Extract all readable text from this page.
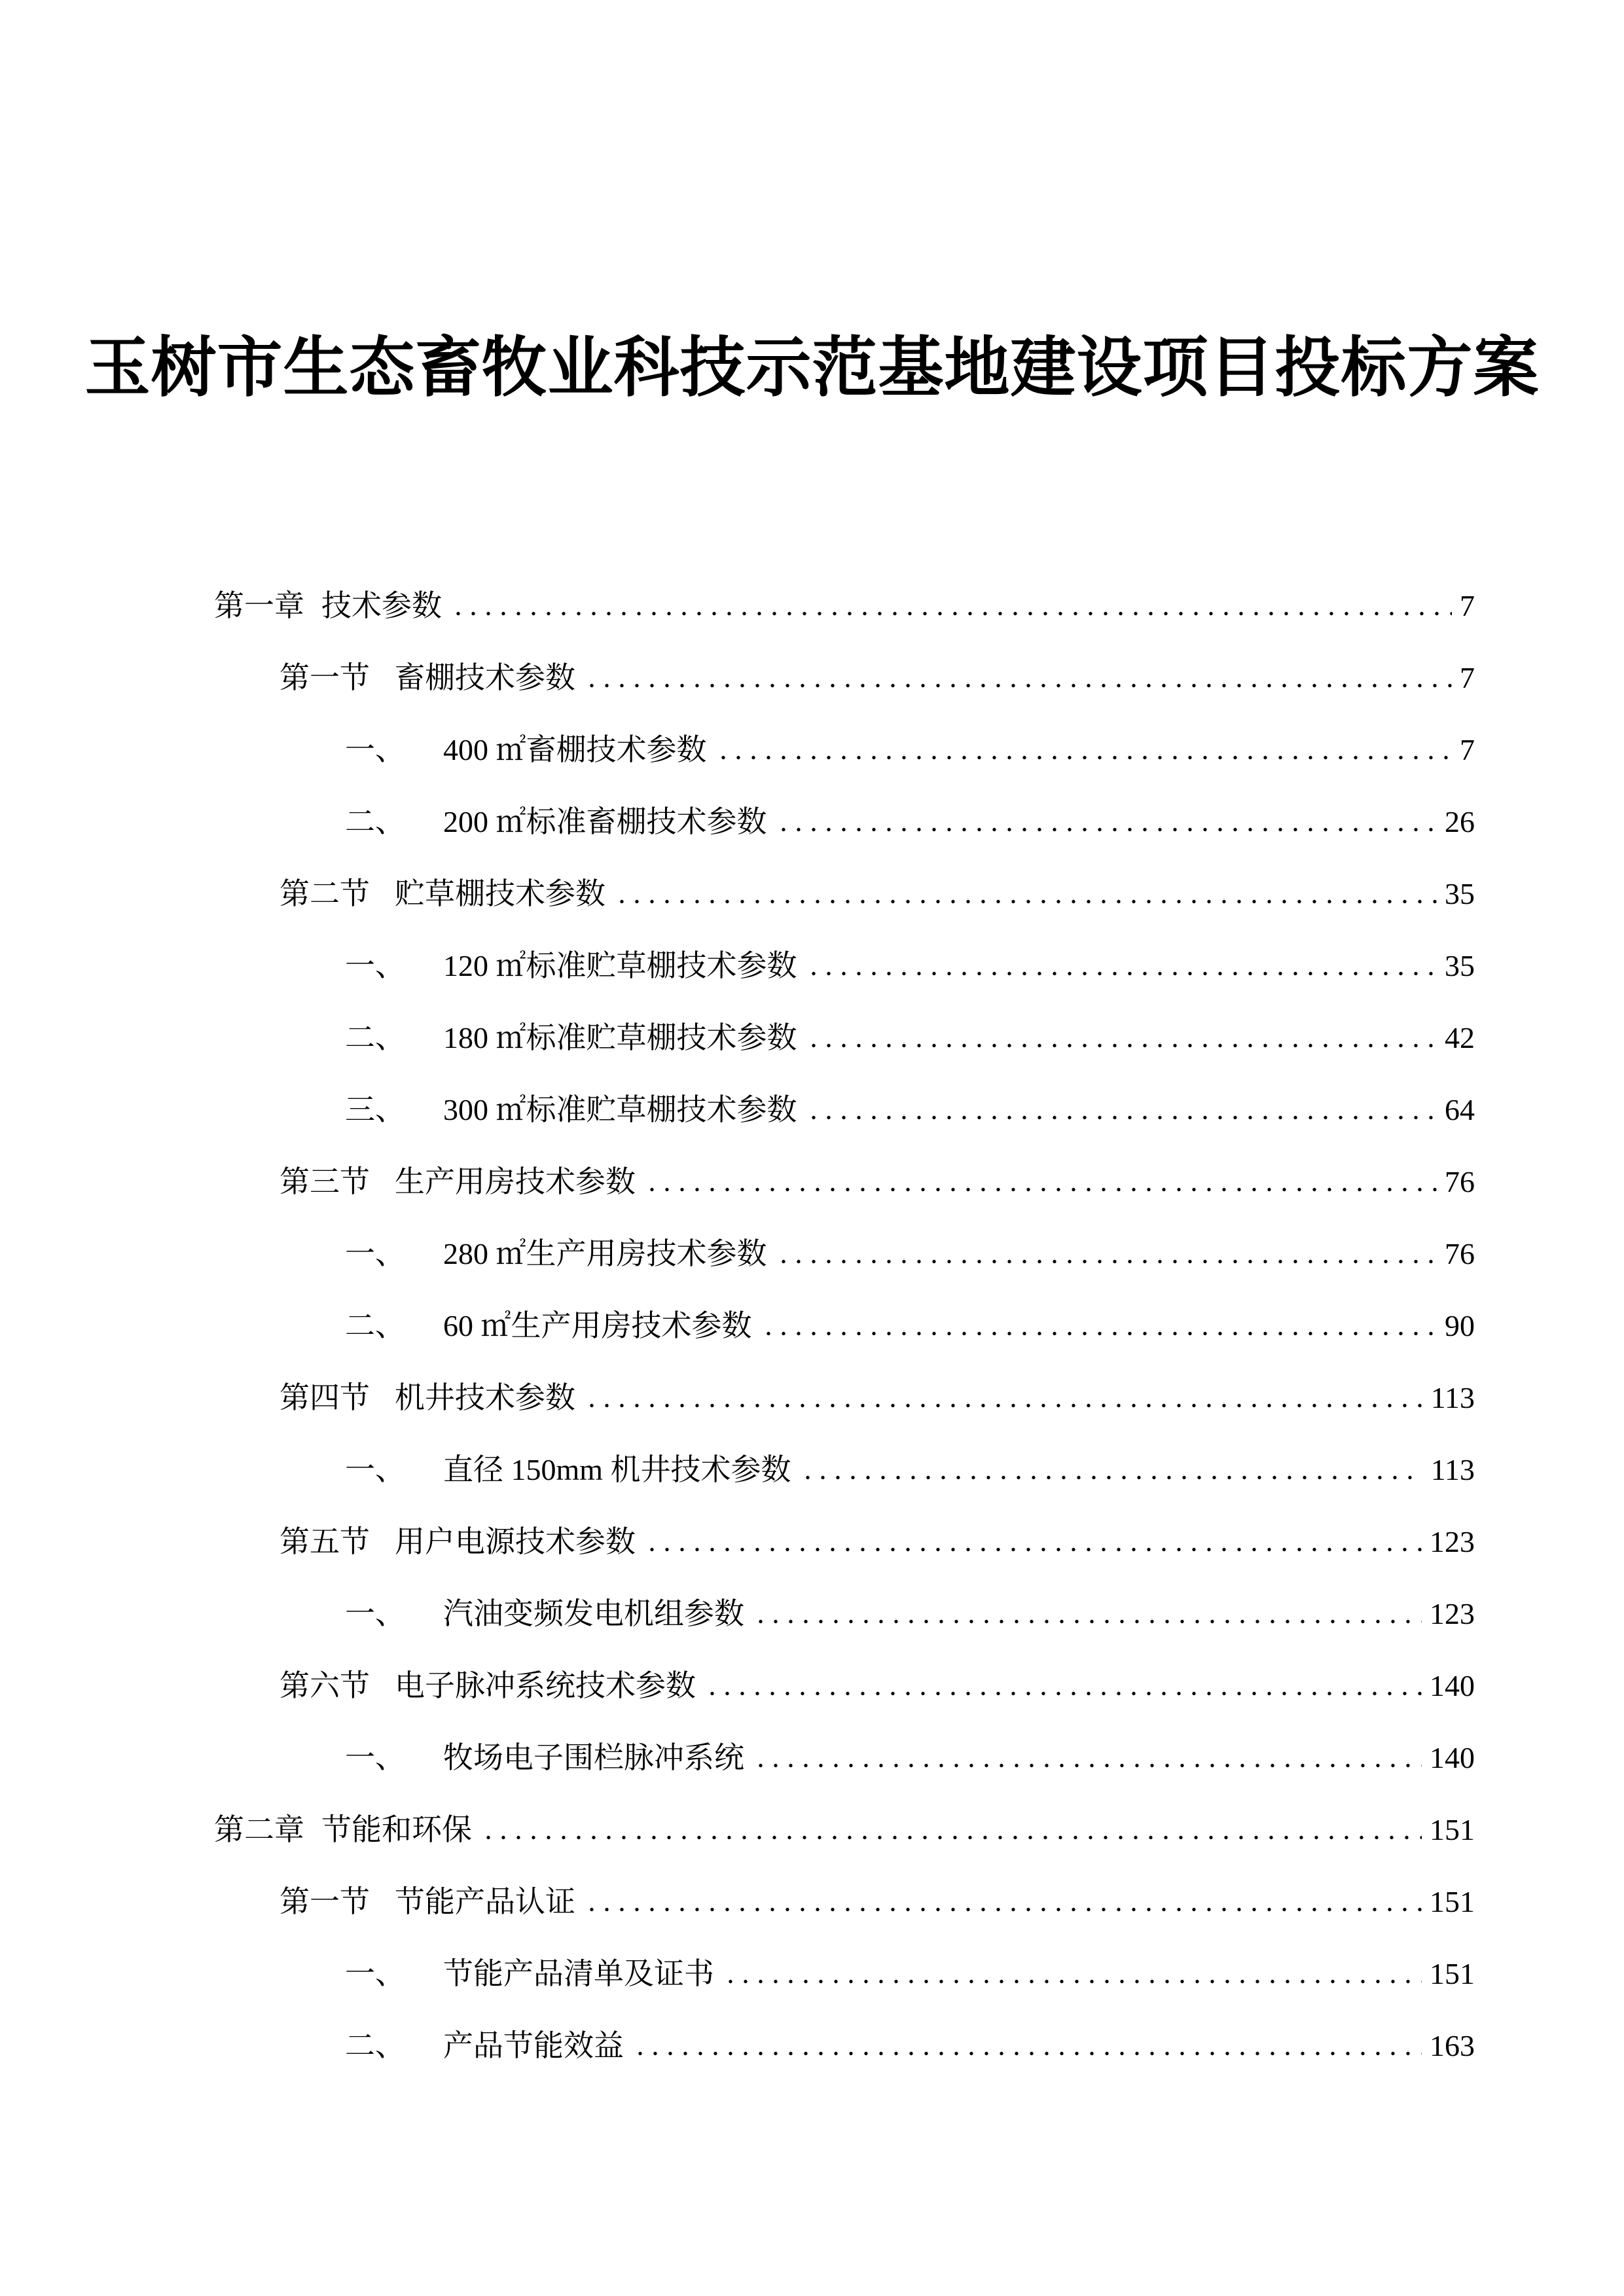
玉树市生态畜牧业科技示范基地建设项目投标方案
第一章 技术参数	7
第一节 畜棚技术参数	7
一、 400 ㎡畜棚技术参数	7
二、 200 ㎡标准畜棚技术参数	26
第二节 贮草棚技术参数	35
一、 120 ㎡标准贮草棚技术参数	35
二、 180 ㎡标准贮草棚技术参数	42
三、 300 ㎡标准贮草棚技术参数	64
第三节 生产用房技术参数	76
一、 280 ㎡生产用房技术参数	76
二、 60 ㎡生产用房技术参数	90
第四节 机井技术参数	113
一、 直径 150mm 机井技术参数	113
第五节 用户电源技术参数	123
一、 汽油变频发电机组参数	123
第六节 电子脉冲系统技术参数	140
一、 牧场电子围栏脉冲系统	140
第二章 节能和环保	151
第一节 节能产品认证	151
一、 节能产品清单及证书	151
二、 产品节能效益	163
